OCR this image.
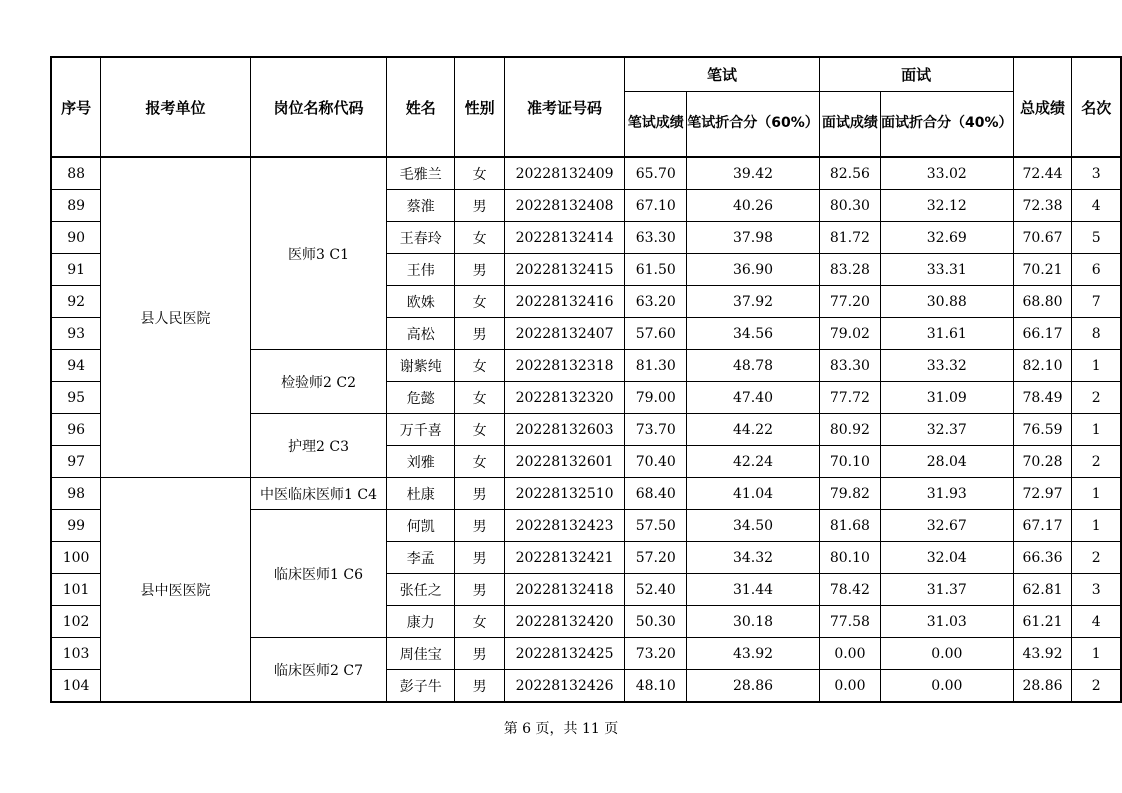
序号	报考单位	岗位名称代码	姓名	性别	准考证号码	笔试		面试		总成绩	名次
						笔试成绩	笔试折合分（60%）	面试成绩	面试折合分（40%）		
88	县人民医院	医师3 C1	毛雅兰	女	20228132409	65.70	39.42	82.56	33.02	72.44	3
89			蔡淮	男	20228132408	67.10	40.26	80.30	32.12	72.38	4
90			王春玲	女	20228132414	63.30	37.98	81.72	32.69	70.67	5
91			王伟	男	20228132415	61.50	36.90	83.28	33.31	70.21	6
92			欧姝	女	20228132416	63.20	37.92	77.20	30.88	68.80	7
93			高松	男	20228132407	57.60	34.56	79.02	31.61	66.17	8
94		检验师2 C2	谢紫纯	女	20228132318	81.30	48.78	83.30	33.32	82.10	1
95			危懿	女	20228132320	79.00	47.40	77.72	31.09	78.49	2
96		护理2 C3	万千喜	女	20228132603	73.70	44.22	80.92	32.37	76.59	1
97			刘雅	女	20228132601	70.40	42.24	70.10	28.04	70.28	2
98	县中医医院	中医临床医师1 C4	杜康	男	20228132510	68.40	41.04	79.82	31.93	72.97	1
99		临床医师1 C6	何凯	男	20228132423	57.50	34.50	81.68	32.67	67.17	1
100			李孟	男	20228132421	57.20	34.32	80.10	32.04	66.36	2
101			张任之	男	20228132418	52.40	31.44	78.42	31.37	62.81	3
102			康力	女	20228132420	50.30	30.18	77.58	31.03	61.21	4
103		临床医师2 C7	周佳宝	男	20228132425	73.20	43.92	0.00	0.00	43.92	1
104			彭子牛	男	20228132426	48.10	28.86	0.00	0.00	28.86	2
第 6 页，共 11 页
